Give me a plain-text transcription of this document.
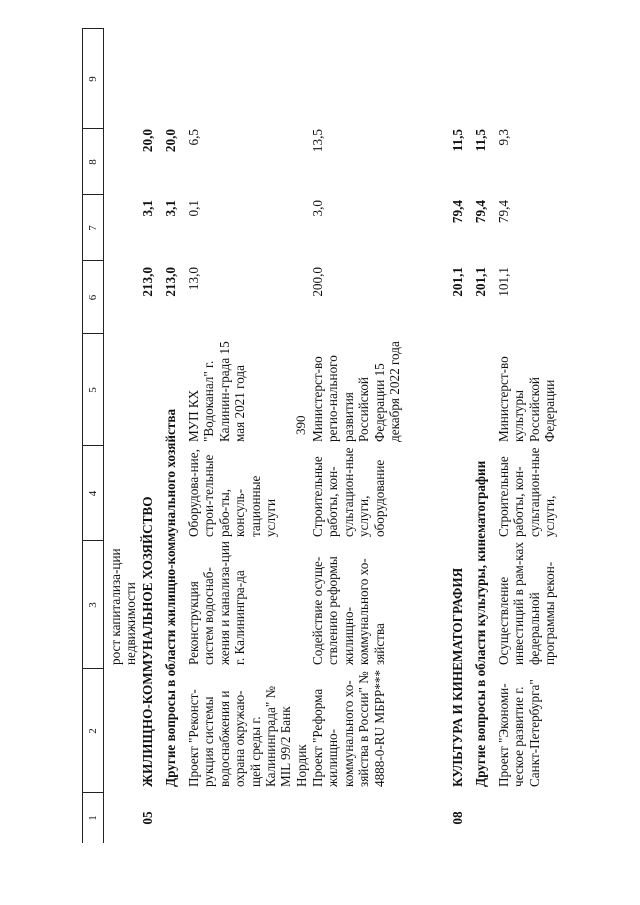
390
1
2
3
4
5
6
7
8
9
рост капитализа-ции недвижимости
05
ЖИЛИЩНО-КОММУНАЛЬНОЕ ХОЗЯЙСТВО
213,0
3,1
20,0
Другие вопросы в области жилищно-коммунального хозяйства
213,0
3,1
20,0
Проект "Реконст-рукция системы водоснабжения и охрана окружаю-щей среды г. Калининграда" № MIL 99/2 Банк Нордик
Реконструкция систем водоснаб-жения и канализа-ции г. Калинингра-да
Оборудова-ние, строи-тельные рабо-ты, консуль-тационные услуги
МУП КХ "Водоканал" г. Калинин-града 15 мая 2021 года
13,0
0,1
6,5
Проект "Реформа жилищно-коммунального хо-зяйства в России" № 4888-0-RU МБРР***
Содействие осуще-ствлению реформы жилищно-коммунального хо-зяйства
Строительные работы, кон-сультацион-ные услуги, оборудование
Министерст-во регио-нального развития Российской Федерации 15 декабря 2022 года
200,0
3,0
13,5
08
КУЛЬТУРА И КИНЕМАТОГРАФИЯ
201,1
79,4
11,5
Другие вопросы в области культуры, кинематографии
201,1
79,4
11,5
Проект "Экономи-ческое развитие г. Санкт-Петербурга"
Осуществление инвестиций в рам-ках федеральной программы рекон-
Строительные работы, кон-сультацион-ные услуги,
Министерст-во культуры Российской Федерации
101,1
79,4
9,3
